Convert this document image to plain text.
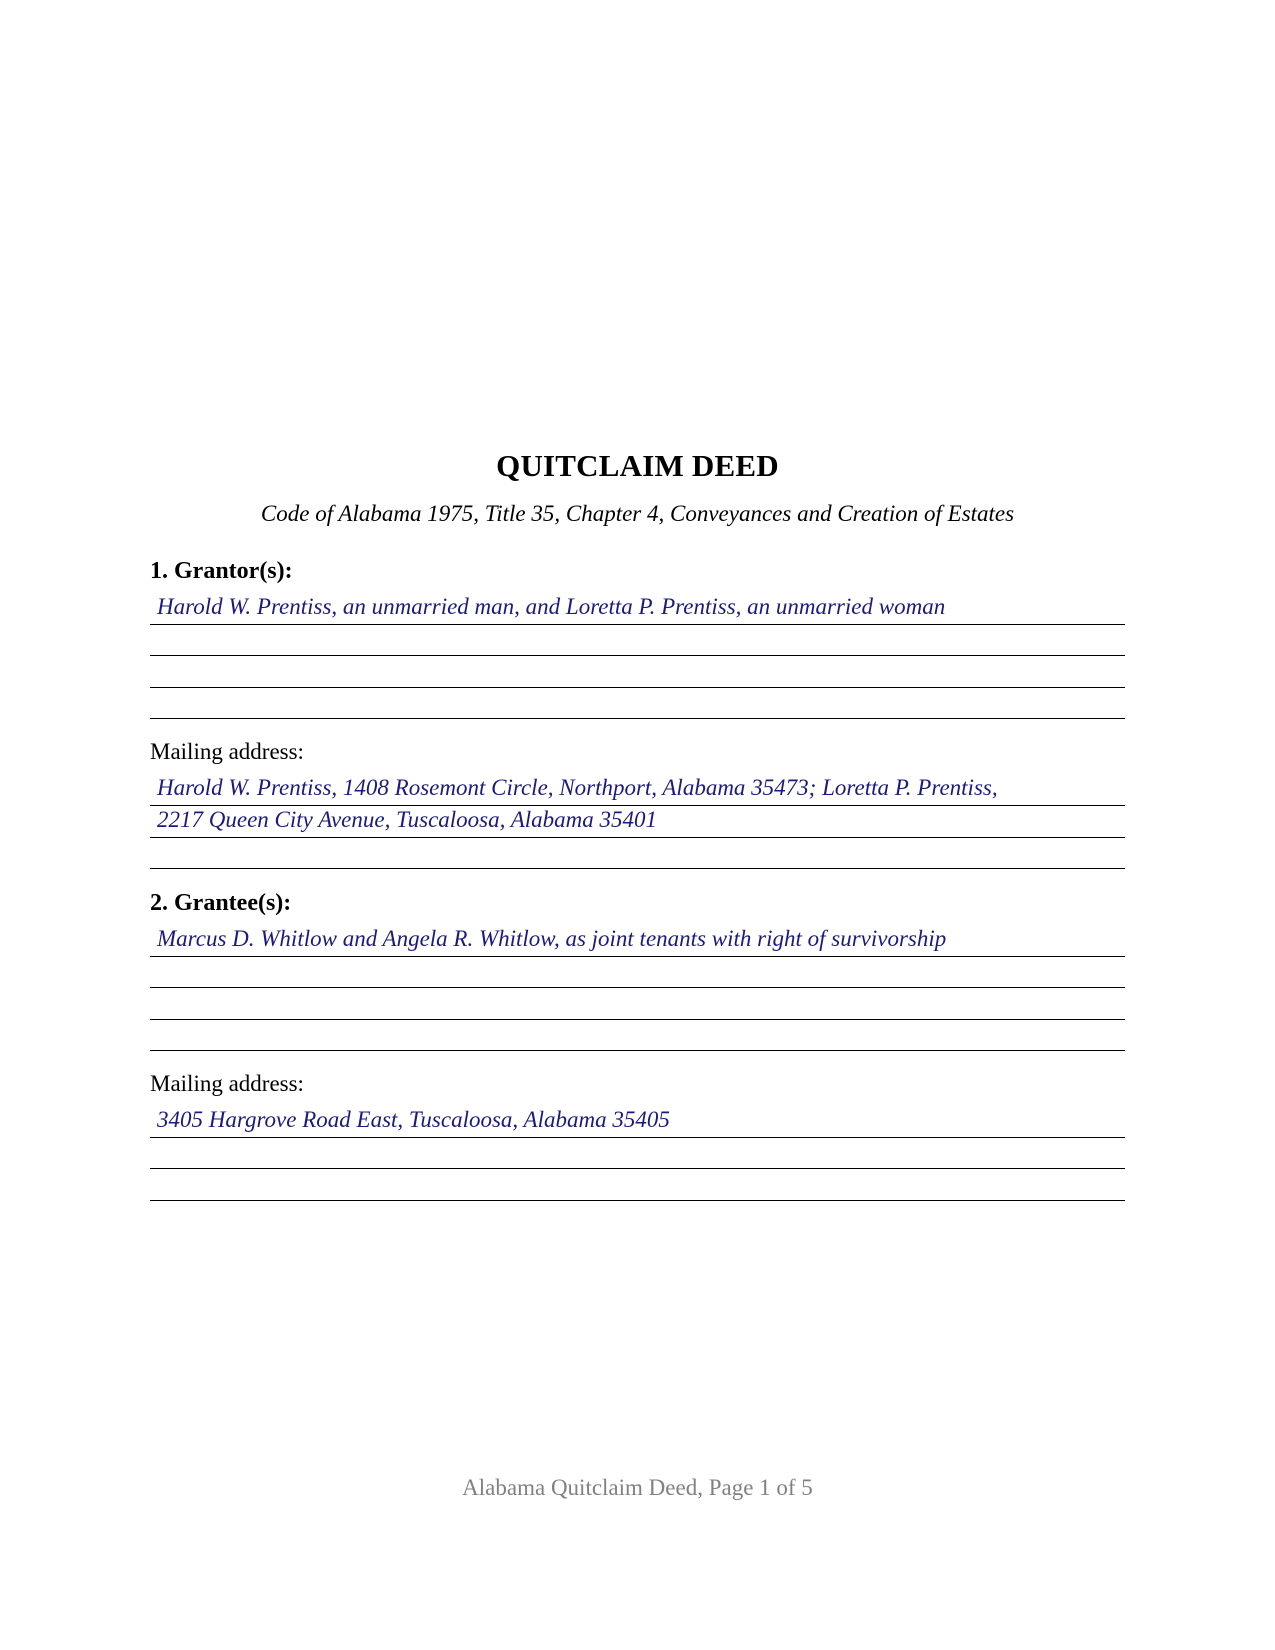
QUITCLAIM DEED
Code of Alabama 1975, Title 35, Chapter 4, Conveyances and Creation of Estates
1. Grantor(s):
Harold W. Prentiss, an unmarried man, and Loretta P. Prentiss, an unmarried woman
Mailing address:
Harold W. Prentiss, 1408 Rosemont Circle, Northport, Alabama 35473; Loretta P. Prentiss,
2217 Queen City Avenue, Tuscaloosa, Alabama 35401
2. Grantee(s):
Marcus D. Whitlow and Angela R. Whitlow, as joint tenants with right of survivorship
Mailing address:
3405 Hargrove Road East, Tuscaloosa, Alabama 35405
Alabama Quitclaim Deed, Page 1 of 5
